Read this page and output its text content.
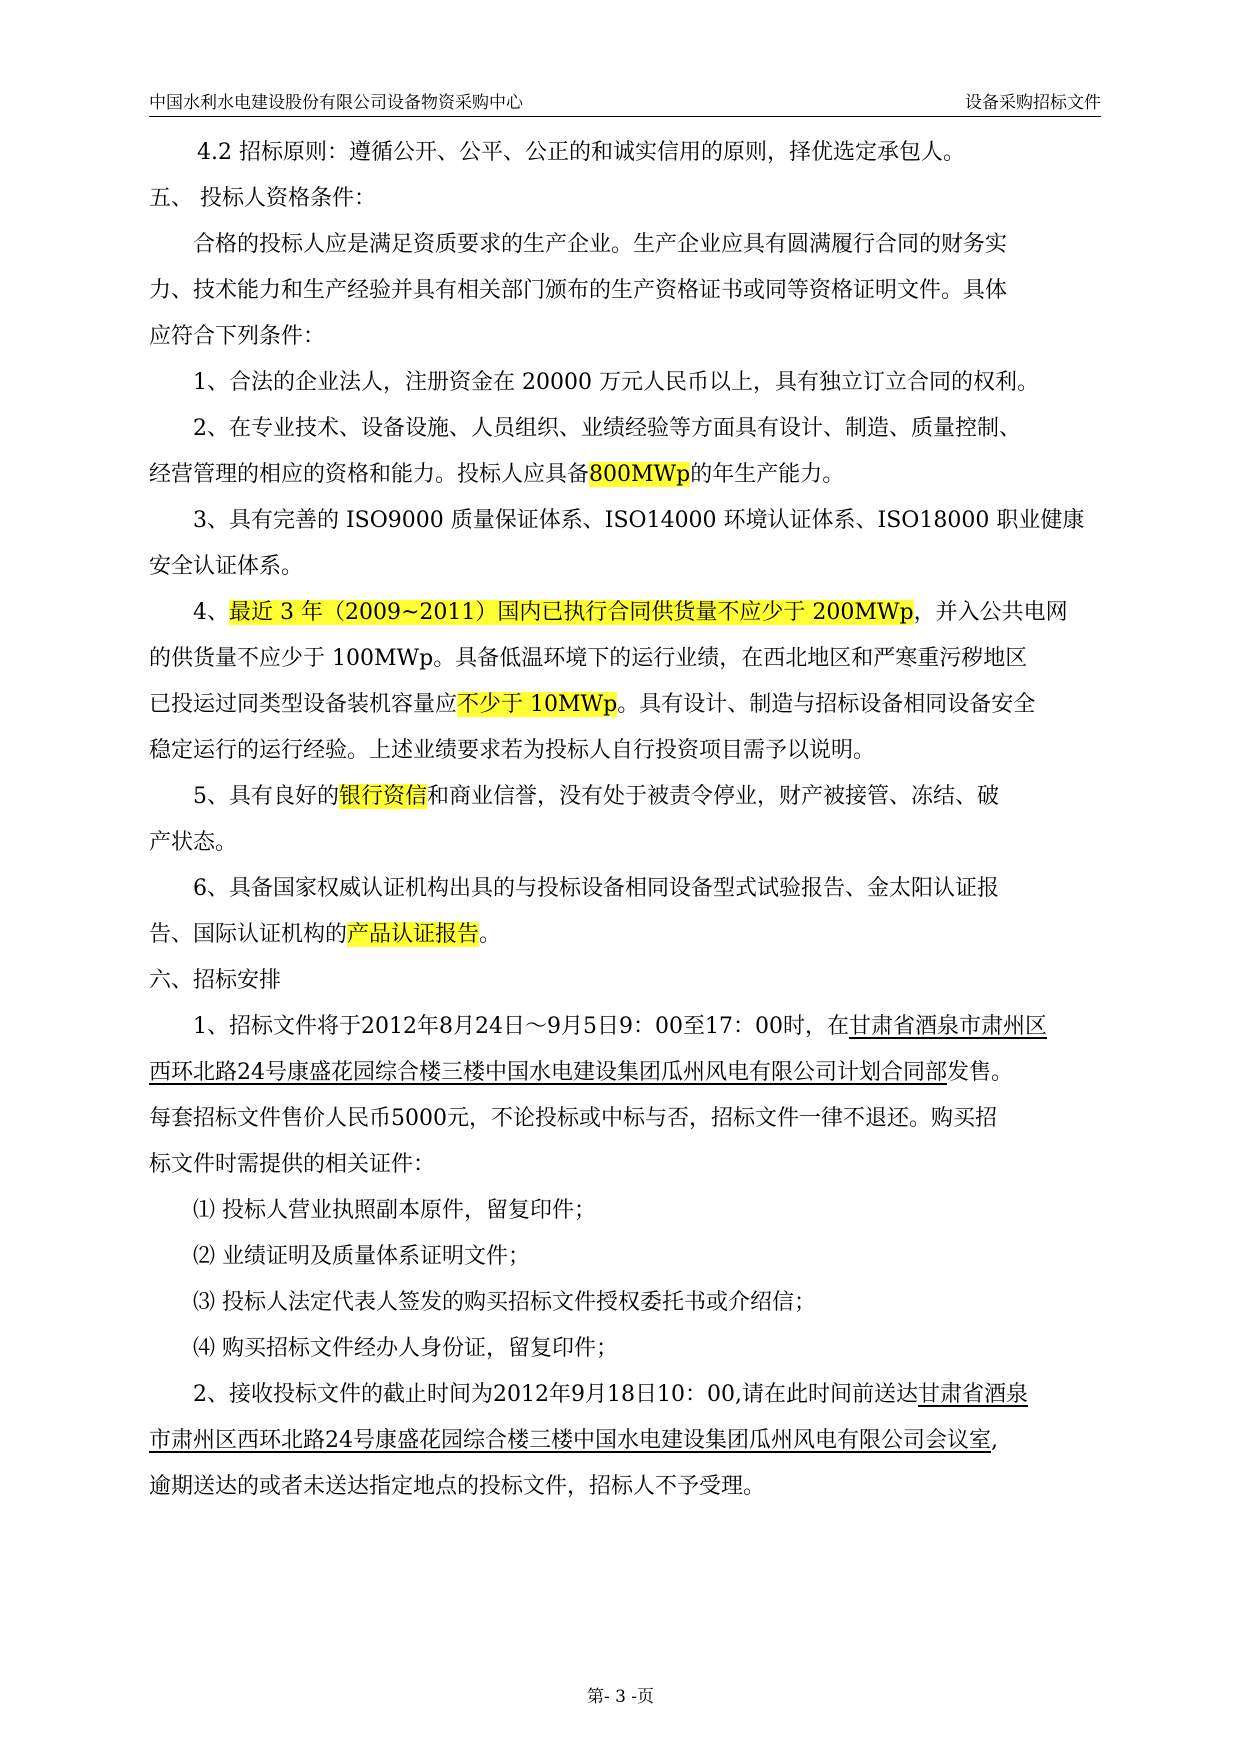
中国水利水电建设股份有限公司设备物资采购中心	设备采购招标文件

4.2 招标原则：遵循公开、公平、公正的和诚实信用的原则，择优选定承包人。

五、 投标人资格条件：

合格的投标人应是满足资质要求的生产企业。生产企业应具有圆满履行合同的财务实

力、技术能力和生产经验并具有相关部门颁布的生产资格证书或同等资格证明文件。具体

应符合下列条件：

1、合法的企业法人，注册资金在 20000 万元人民币以上，具有独立订立合同的权利。

2、在专业技术、设备设施、人员组织、业绩经验等方面具有设计、制造、质量控制、

经营管理的相应的资格和能力。投标人应具备800MWp的年生产能力。

3、具有完善的 ISO9000 质量保证体系、ISO14000 环境认证体系、ISO18000 职业健康

安全认证体系。

4、最近 3 年（2009~2011）国内已执行合同供货量不应少于 200MWp，并入公共电网

的供货量不应少于 100MWp。具备低温环境下的运行业绩，在西北地区和严寒重污秽地区

已投运过同类型设备装机容量应不少于 10MWp。具有设计、制造与招标设备相同设备安全

稳定运行的运行经验。上述业绩要求若为投标人自行投资项目需予以说明。

5、具有良好的银行资信和商业信誉，没有处于被责令停业，财产被接管、冻结、破

产状态。

6、具备国家权威认证机构出具的与投标设备相同设备型式试验报告、金太阳认证报

告、国际认证机构的产品认证报告。

六、招标安排

1、招标文件将于2012年8月24日～9月5日9：00至17：00时，在甘肃省酒泉市肃州区

西环北路24号康盛花园综合楼三楼中国水电建设集团瓜州风电有限公司计划合同部发售。

每套招标文件售价人民币5000元，不论投标或中标与否，招标文件一律不退还。购买招

标文件时需提供的相关证件：

⑴ 投标人营业执照副本原件，留复印件；

⑵ 业绩证明及质量体系证明文件；

⑶ 投标人法定代表人签发的购买招标文件授权委托书或介绍信；

⑷ 购买招标文件经办人身份证，留复印件；

2、接收投标文件的截止时间为2012年9月18日10：00,请在此时间前送达甘肃省酒泉

市肃州区西环北路24号康盛花园综合楼三楼中国水电建设集团瓜州风电有限公司会议室,

逾期送达的或者未送达指定地点的投标文件，招标人不予受理。

第- 3 -页
